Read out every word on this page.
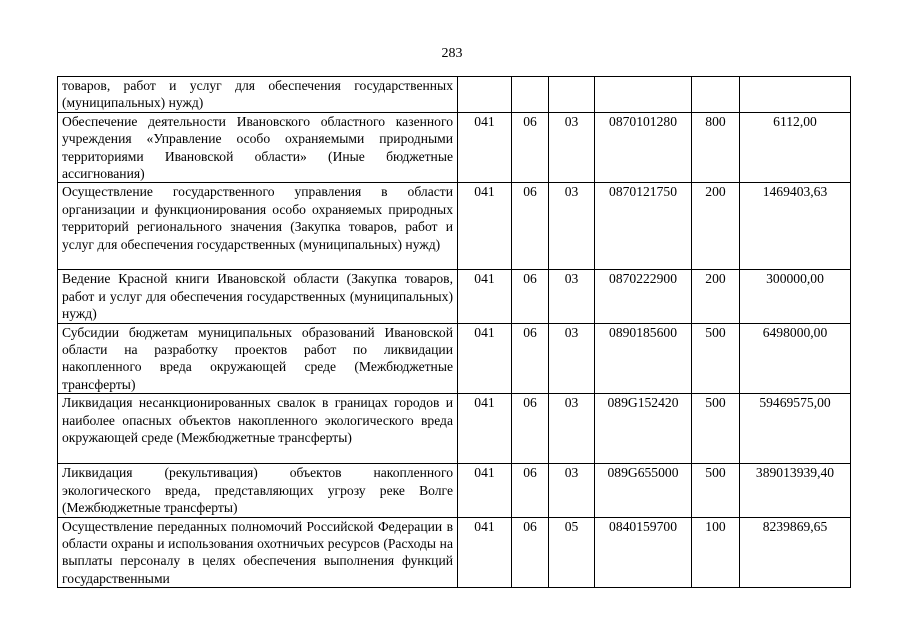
283
товаров, работ и услуг для обеспечения государственных (муниципальных) нужд)						
Обеспечение деятельности Ивановского областного казенного учреждения «Управление особо охраняемыми природными территориями Ивановской области» (Иные бюджетные ассигнования)	041	06	03	0870101280	800	6112,00
Осуществление государственного управления в области организации и функционирования особо охраняемых природных территорий регионального значения (Закупка товаров, работ и услуг для обеспечения государственных (муниципальных) нужд)	041	06	03	0870121750	200	1469403,63
Ведение Красной книги Ивановской области (Закупка товаров, работ и услуг для обеспечения государственных (муниципальных) нужд)	041	06	03	0870222900	200	300000,00
Субсидии бюджетам муниципальных образований Ивановской области на разработку проектов работ по ликвидации накопленного вреда окружающей среде (Межбюджетные трансферты)	041	06	03	0890185600	500	6498000,00
Ликвидация несанкционированных свалок в границах городов и наиболее опасных объектов накопленного экологического вреда окружающей среде (Межбюджетные трансферты)	041	06	03	089G152420	500	59469575,00
Ликвидация (рекультивация) объектов накопленного экологического вреда, представляющих угрозу реке Волге (Межбюджетные трансферты)	041	06	03	089G655000	500	389013939,40
Осуществление переданных полномочий Российской Федерации в области охраны и использования охотничьих ресурсов (Расходы на выплаты персоналу в целях обеспечения выполнения функций государственными	041	06	05	0840159700	100	8239869,65
